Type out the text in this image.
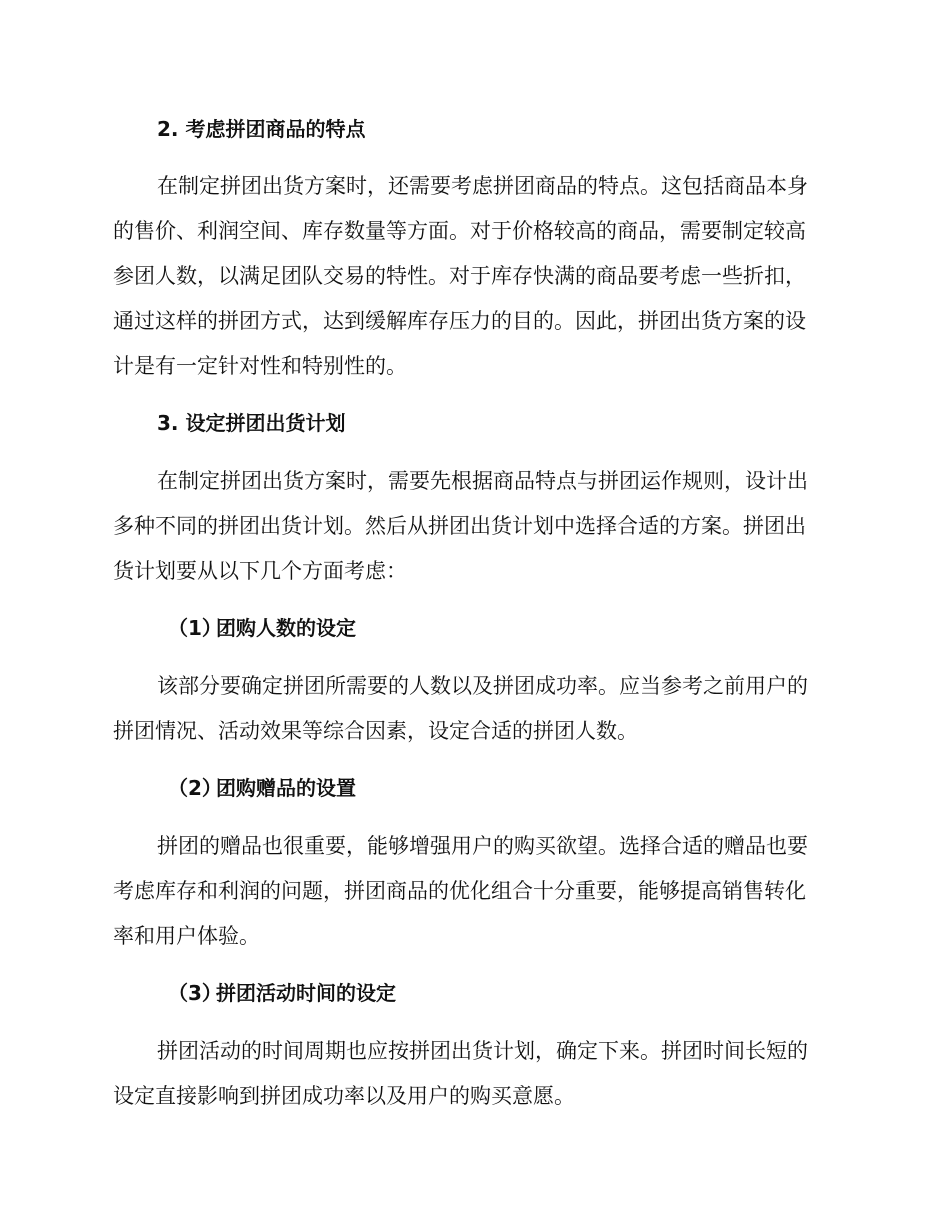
2. 考虑拼团商品的特点
在制定拼团出货方案时，还需要考虑拼团商品的特点。这包括商品本身
的售价、利润空间、库存数量等方面。对于价格较高的商品，需要制定较高
参团人数，以满足团队交易的特性。对于库存快满的商品要考虑一些折扣，
通过这样的拼团方式，达到缓解库存压力的目的。因此，拼团出货方案的设
计是有一定针对性和特别性的。
3. 设定拼团出货计划
在制定拼团出货方案时，需要先根据商品特点与拼团运作规则，设计出
多种不同的拼团出货计划。然后从拼团出货计划中选择合适的方案。拼团出
货计划要从以下几个方面考虑：
（1）团购人数的设定
该部分要确定拼团所需要的人数以及拼团成功率。应当参考之前用户的
拼团情况、活动效果等综合因素，设定合适的拼团人数。
（2）团购赠品的设置
拼团的赠品也很重要，能够增强用户的购买欲望。选择合适的赠品也要
考虑库存和利润的问题，拼团商品的优化组合十分重要，能够提高销售转化
率和用户体验。
（3）拼团活动时间的设定
拼团活动的时间周期也应按拼团出货计划，确定下来。拼团时间长短的
设定直接影响到拼团成功率以及用户的购买意愿。
